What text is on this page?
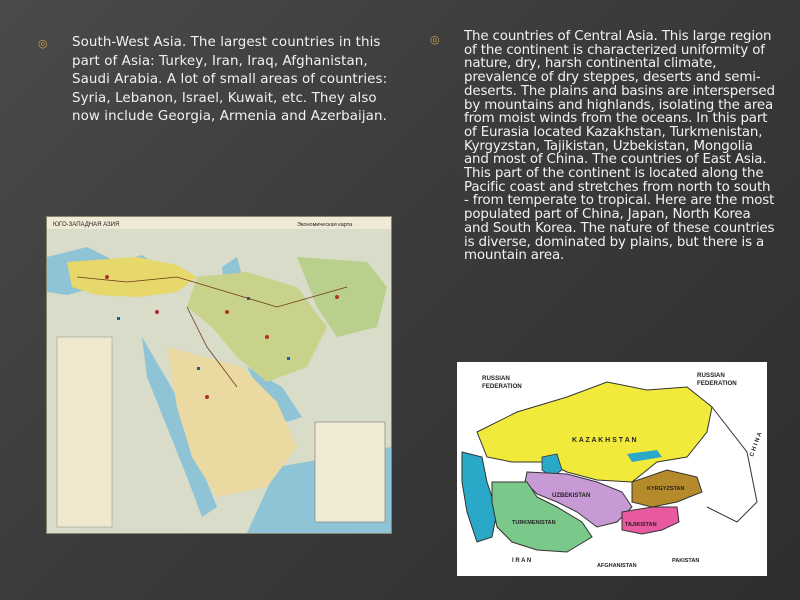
◎	South-West Asia. The largest countries in this part of Asia: Turkey, Iran, Iraq, Afghanistan, Saudi Arabia. A lot of small areas of countries: Syria, Lebanon, Israel, Kuwait, etc. They also now include Georgia, Armenia and Azerbaijan.
◎	The countries of Central Asia. This large region of the continent is characterized uniformity of nature, dry, harsh continental climate, prevalence of dry steppes, deserts and semi-deserts. The plains and basins are interspersed by mountains and highlands, isolating the area from moist winds from the oceans. In this part of Eurasia located Kazakhstan, Turkmenistan, Kyrgyzstan, Tajikistan, Uzbekistan, Mongolia and most of China. The countries of East Asia. This part of the continent is located along the Pacific coast and stretches from north to south - from temperate to tropical. Here are the most populated part of China, Japan, North Korea and South Korea. The nature of these countries is diverse, dominated by plains, but there is a mountain area.
ЮГО-ЗАПАДНАЯ АЗИЯ	Экономическая карта
RUSSIAN FEDERATION
RUSSIAN FEDERATION
K A Z A K H S T A N
UZBEKISTAN
KYRGYZSTAN
TURKMENISTAN	TAJIKISTAN
C H I N A
I R A N
AFGHANISTAN
PAKISTAN
